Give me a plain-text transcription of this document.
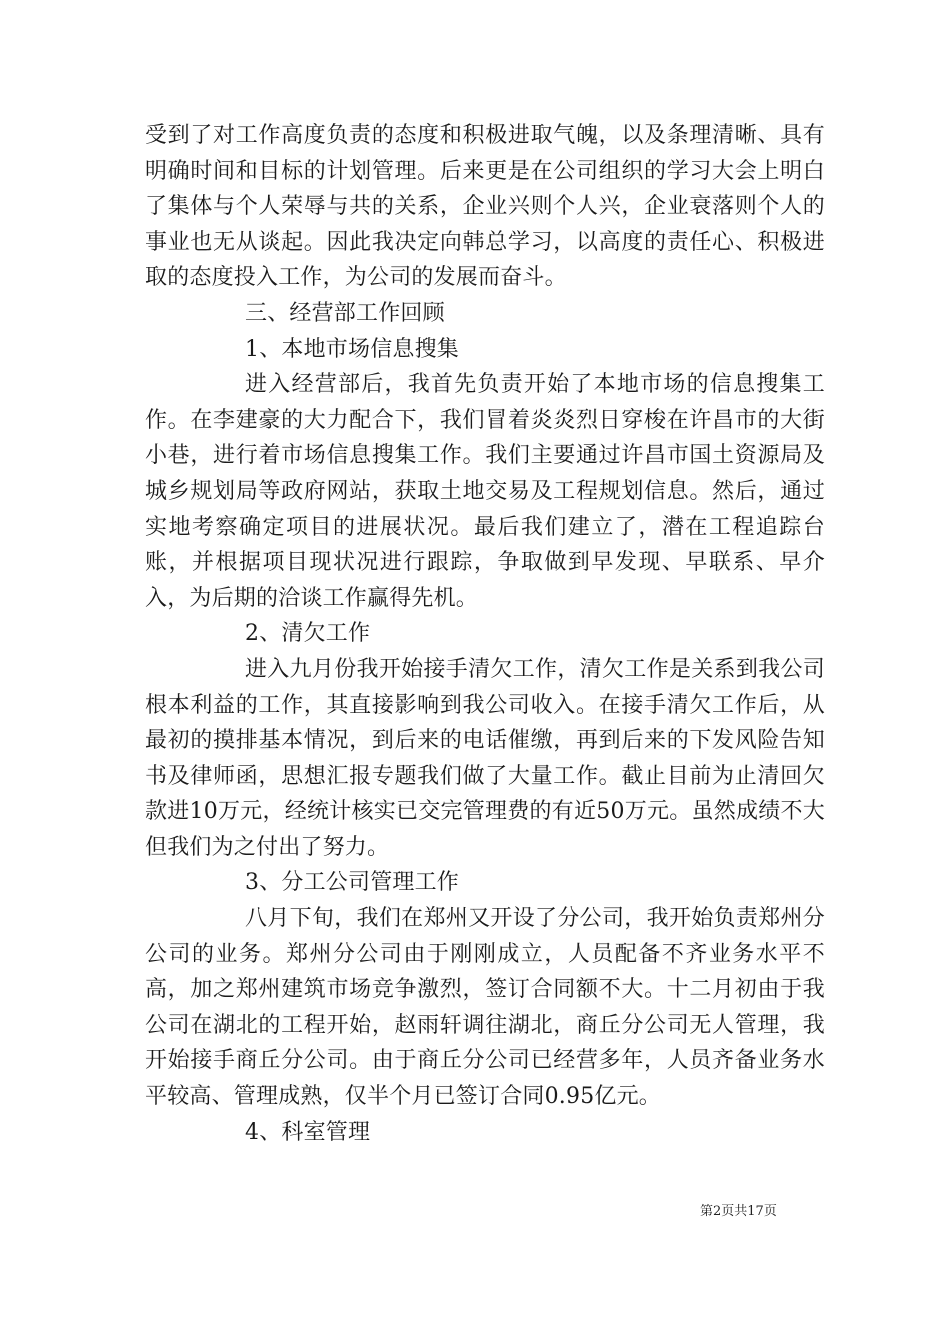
受到了对工作高度负责的态度和积极进取气魄，以及条理清晰、具有明确时间和目标的计划管理。后来更是在公司组织的学习大会上明白了集体与个人荣辱与共的关系，企业兴则个人兴，企业衰落则个人的事业也无从谈起。因此我决定向韩总学习，以高度的责任心、积极进取的态度投入工作，为公司的发展而奋斗。

三、经营部工作回顾

1、本地市场信息搜集

进入经营部后，我首先负责开始了本地市场的信息搜集工作。在李建豪的大力配合下，我们冒着炎炎烈日穿梭在许昌市的大街小巷，进行着市场信息搜集工作。我们主要通过许昌市国土资源局及城乡规划局等政府网站，获取土地交易及工程规划信息。然后，通过实地考察确定项目的进展状况。最后我们建立了，潜在工程追踪台账，并根据项目现状况进行跟踪，争取做到早发现、早联系、早介入，为后期的洽谈工作赢得先机。

2、清欠工作

进入九月份我开始接手清欠工作，清欠工作是关系到我公司根本利益的工作，其直接影响到我公司收入。在接手清欠工作后，从最初的摸排基本情况，到后来的电话催缴，再到后来的下发风险告知书及律师函，思想汇报专题我们做了大量工作。截止目前为止清回欠款进10万元，经统计核实已交完管理费的有近50万元。虽然成绩不大但我们为之付出了努力。

3、分工公司管理工作

八月下旬，我们在郑州又开设了分公司，我开始负责郑州分公司的业务。郑州分公司由于刚刚成立，人员配备不齐业务水平不高，加之郑州建筑市场竞争激烈，签订合同额不大。十二月初由于我公司在湖北的工程开始，赵雨轩调往湖北，商丘分公司无人管理，我开始接手商丘分公司。由于商丘分公司已经营多年，人员齐备业务水平较高、管理成熟，仅半个月已签订合同0.95亿元。

4、科室管理

第2页共17页
